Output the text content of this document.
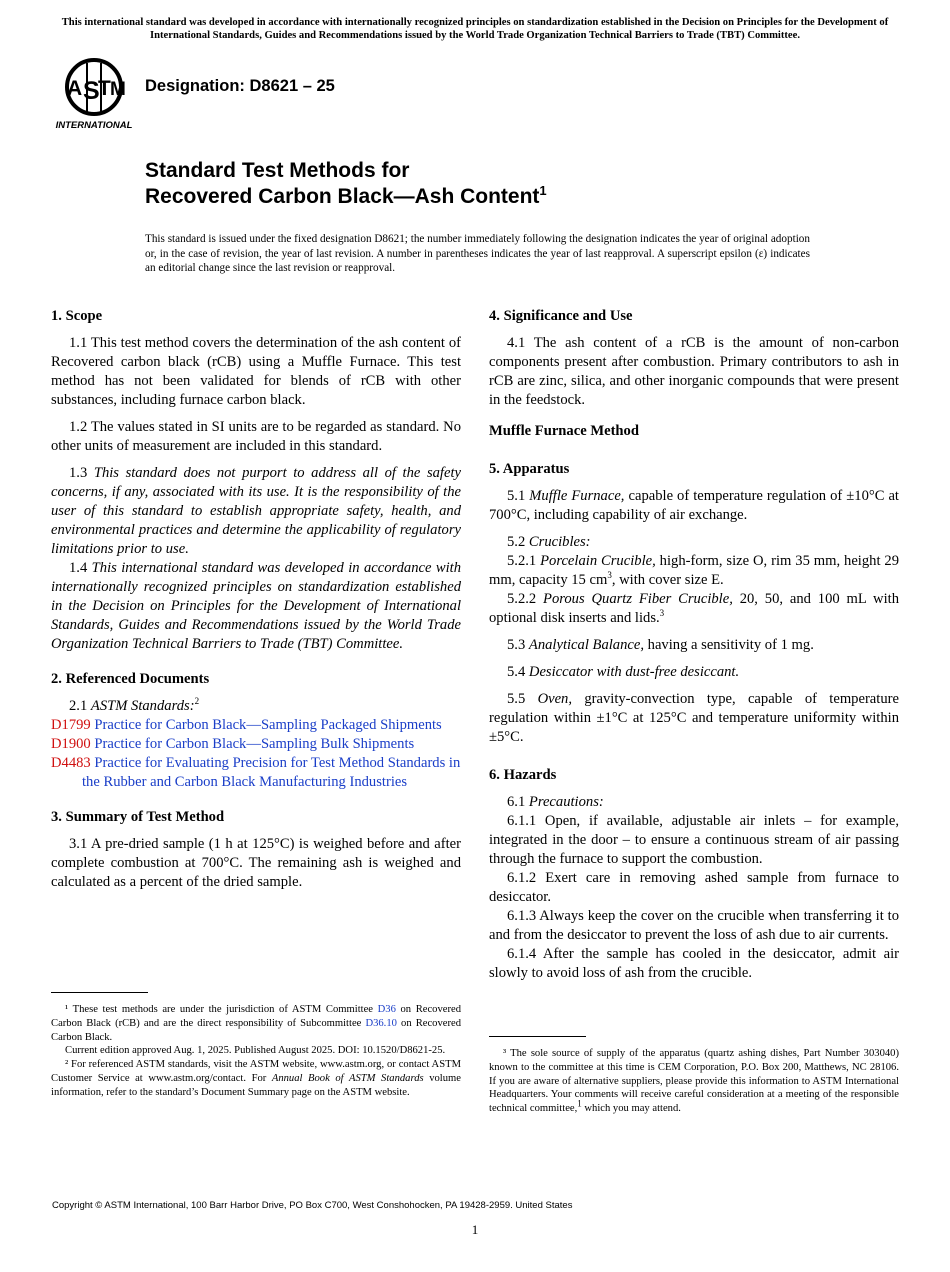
This international standard was developed in accordance with internationally recognized principles on standardization established in the Decision on Principles for the Development of International Standards, Guides and Recommendations issued by the World Trade Organization Technical Barriers to Trade (TBT) Committee.
A S
T M
INTERNATIONAL
Designation: D8621 – 25
Standard Test Methods for
Recovered Carbon Black—Ash Content$^1$
This standard is issued under the fixed designation D8621; the number immediately following the designation indicates the year of original adoption or, in the case of revision, the year of last revision. A number in parentheses indicates the year of last reapproval. A superscript epsilon (ε) indicates an editorial change since the last revision or reapproval.
1. Scope

1.1 This test method covers the determination of the ash content of Recovered carbon black (rCB) using a Muffle Furnace. This test method has not been validated for blends of rCB with other substances, including furnace carbon black.

1.2 The values stated in SI units are to be regarded as standard. No other units of measurement are included in this standard.

1.3 This standard does not purport to address all of the safety concerns, if any, associated with its use. It is the responsibility of the user of this standard to establish appropriate safety, health, and environmental practices and determine the applicability of regulatory limitations prior to use.

1.4 This international standard was developed in accordance with internationally recognized principles on standardization established in the Decision on Principles for the Development of International Standards, Guides and Recommendations issued by the World Trade Organization Technical Barriers to Trade (TBT) Committee.

2. Referenced Documents

2.1 ASTM Standards:$^2$

D1799 Practice for Carbon Black—Sampling Packaged Shipments

D1900 Practice for Carbon Black—Sampling Bulk Shipments

D4483 Practice for Evaluating Precision for Test Method Standards in the Rubber and Carbon Black Manufacturing Industries

3. Summary of Test Method

3.1 A pre-dried sample (1 h at 125°C) is weighed before and after complete combustion at 700°C. The remaining ash is weighed and calculated as a percent of the dried sample.

¹ These test methods are under the jurisdiction of ASTM Committee D36 on Recovered Carbon Black (rCB) and are the direct responsibility of Subcommittee D36.10 on Recovered Carbon Black.

Current edition approved Aug. 1, 2025. Published August 2025. DOI: 10.1520/D8621-25.

² For referenced ASTM standards, visit the ASTM website, www.astm.org, or contact ASTM Customer Service at www.astm.org/contact. For Annual Book of ASTM Standards volume information, refer to the standard’s Document Summary page on the ASTM website.

4. Significance and Use

4.1 The ash content of a rCB is the amount of non-carbon components present after combustion. Primary contributors to ash in rCB are zinc, silica, and other inorganic compounds that were present in the feedstock.

Muffle Furnace Method

5. Apparatus

5.1 Muffle Furnace, capable of temperature regulation of ±10°C at 700°C, including capability of air exchange.

5.2 Crucibles:

5.2.1 Porcelain Crucible, high-form, size O, rim 35 mm, height 29 mm, capacity 15 $cm^3$, with cover size E.

5.2.2 Porous Quartz Fiber Crucible, 20, 50, and 100 mL with optional disk inserts and lids.$^3$

5.3 Analytical Balance, having a sensitivity of 1 mg.

5.4 Desiccator with dust-free desiccant.

5.5 Oven, gravity-convection type, capable of temperature regulation within ±1°C at 125°C and temperature uniformity within ±5°C.

6. Hazards

6.1 Precautions:

6.1.1 Open, if available, adjustable air inlets – for example, integrated in the door – to ensure a continuous stream of air passing through the furnace to support the combustion.

6.1.2 Exert care in removing ashed sample from furnace to desiccator.

6.1.3 Always keep the cover on the crucible when transferring it to and from the desiccator to prevent the loss of ash due to air currents.

6.1.4 After the sample has cooled in the desiccator, admit air slowly to avoid loss of ash from the crucible.

³ The sole source of supply of the apparatus (quartz ashing dishes, Part Number 303040) known to the committee at this time is CEM Corporation, P.O. Box 200, Matthews, NC 28106. If you are aware of alternative suppliers, please provide this information to ASTM International Headquarters. Your comments will receive careful consideration at a meeting of the responsible technical committee,$^1$ which you may attend.

Copyright © ASTM International, 100 Barr Harbor Drive, PO Box C700, West Conshohocken, PA 19428-2959. United States
1
